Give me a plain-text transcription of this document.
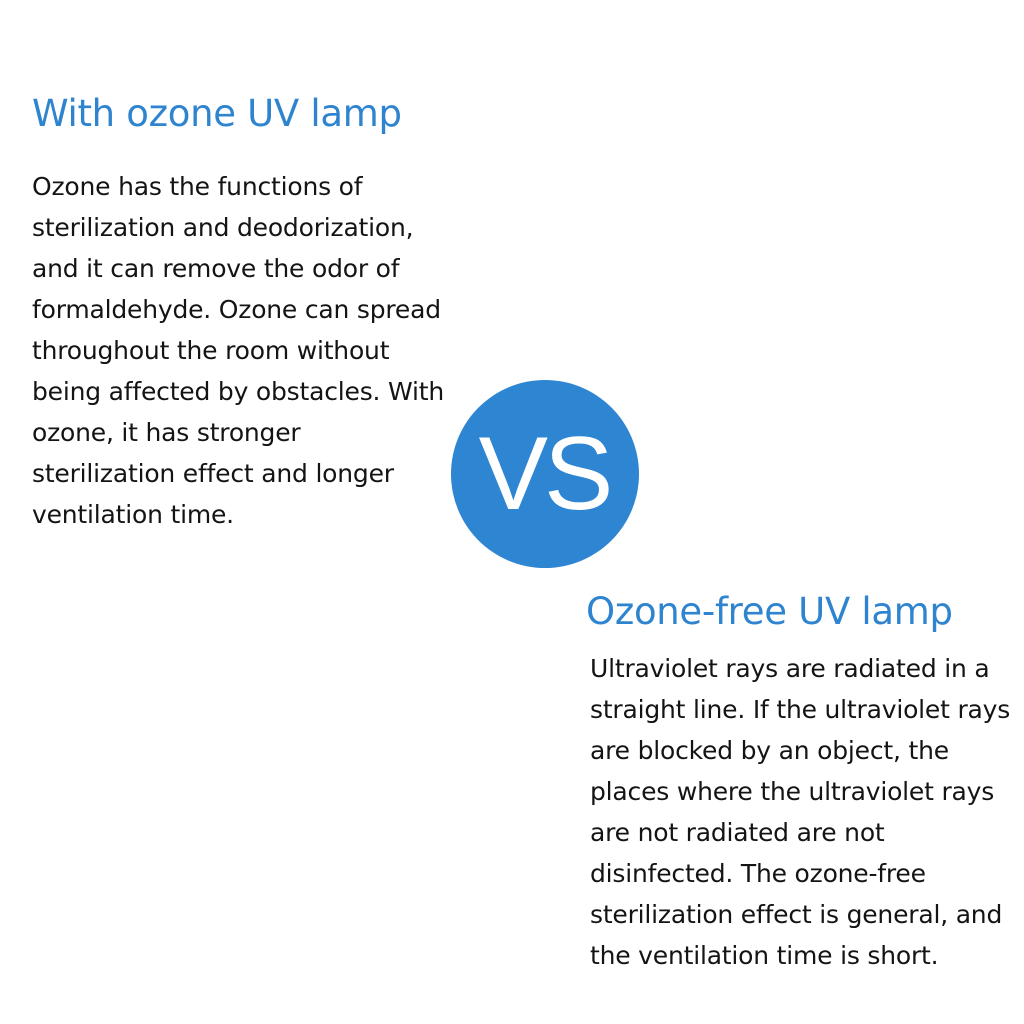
With ozone UV lamp

Ozone has the functions of sterilization and deodorization, and it can remove the odor of formaldehyde. Ozone can spread throughout the room without being affected by obstacles. With ozone, it has stronger sterilization effect and longer ventilation time.	VS
Ozone-free UV lamp

Ultraviolet rays are radiated in a straight line. If the ultraviolet rays are blocked by an object, the places where the ultraviolet rays are not radiated are not disinfected. The ozone-free sterilization effect is general, and the ventilation time is short.
